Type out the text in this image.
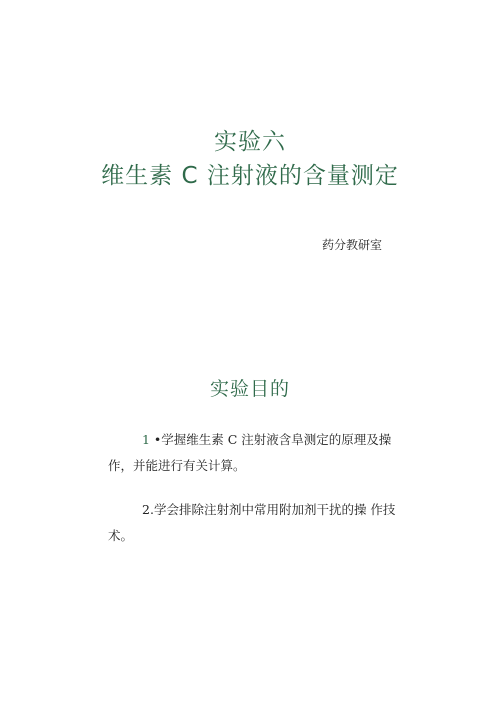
实验六
维生素 C 注射液的含量测定
药分教研室
实验目的
1 •学握维生素 C 注射液含阜测定的原理及操
作，并能进行有关计算。
2.学会排除注射剂中常用附加剂干扰的操 作技
术。
